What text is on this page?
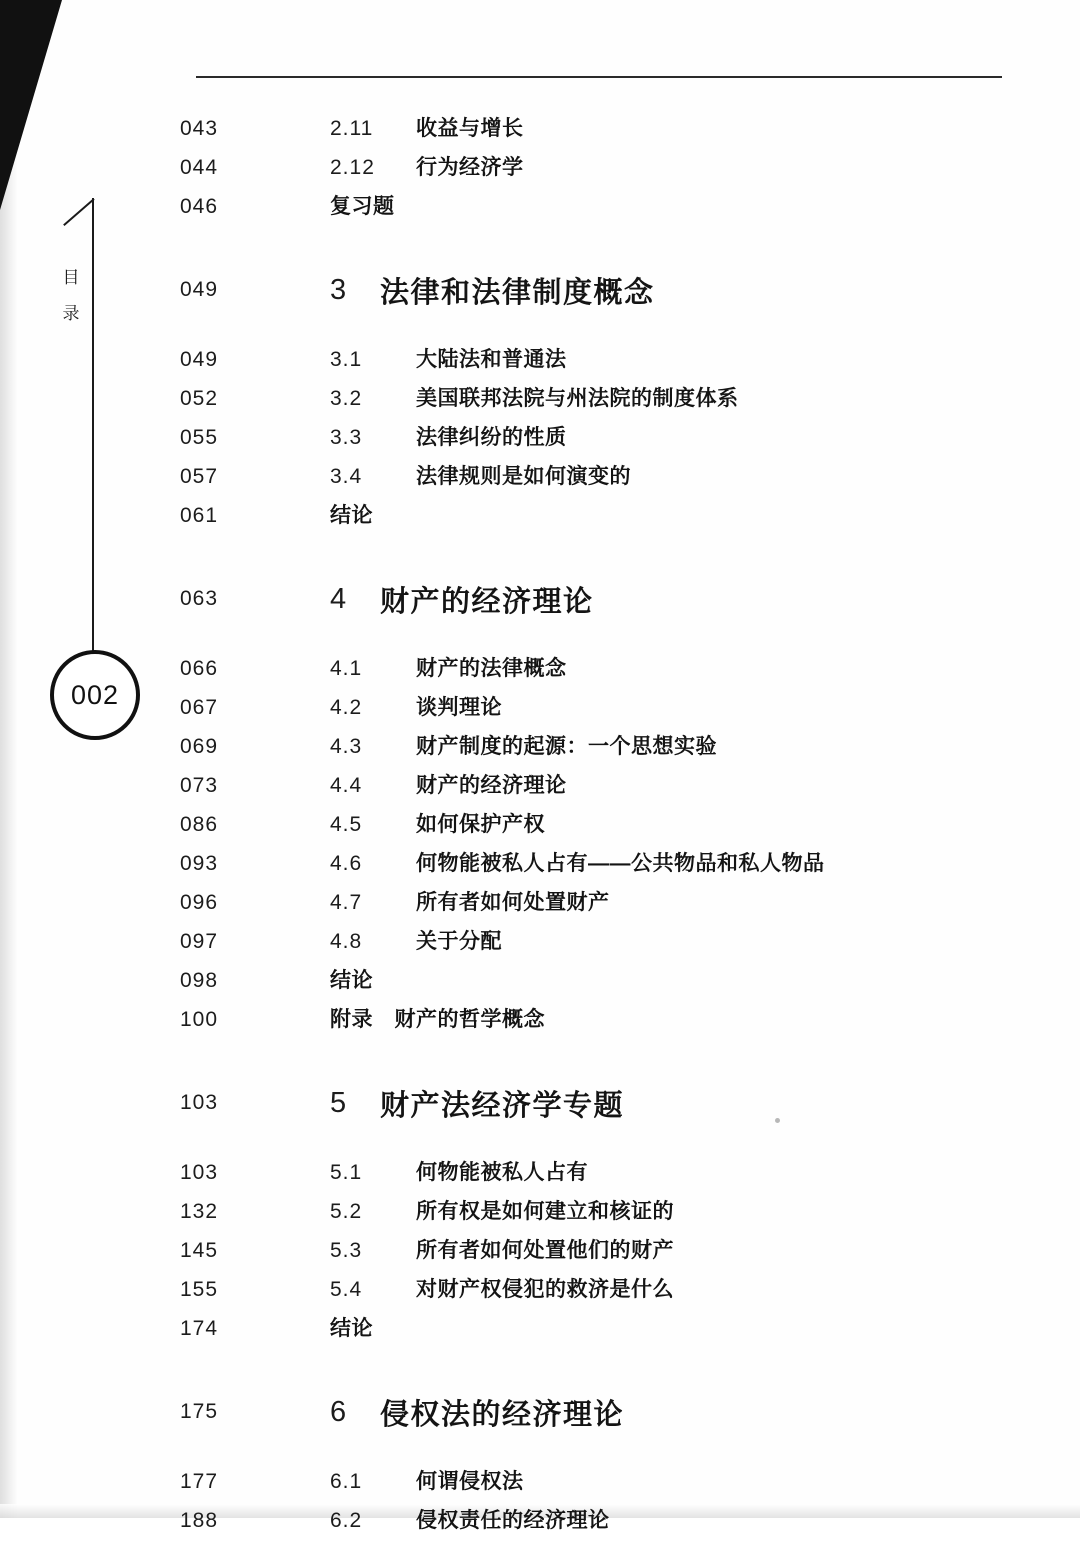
目 录
002
043	2.11	收益与增长
044	2.12	行为经济学
046	复习题
049	3	法律和法律制度概念
049	3.1	大陆法和普通法
052	3.2	美国联邦法院与州法院的制度体系
055	3.3	法律纠纷的性质
057	3.4	法律规则是如何演变的
061	结论
063	4	财产的经济理论
066	4.1	财产的法律概念
067	4.2	谈判理论
069	4.3	财产制度的起源：一个思想实验
073	4.4	财产的经济理论
086	4.5	如何保护产权
093	4.6	何物能被私人占有——公共物品和私人物品
096	4.7	所有者如何处置财产
097	4.8	关于分配
098	结论
100	附录　财产的哲学概念
103	5	财产法经济学专题
103	5.1	何物能被私人占有
132	5.2	所有权是如何建立和核证的
145	5.3	所有者如何处置他们的财产
155	5.4	对财产权侵犯的救济是什么
174	结论
175	6	侵权法的经济理论
177	6.1	何谓侵权法
188	6.2	侵权责任的经济理论
